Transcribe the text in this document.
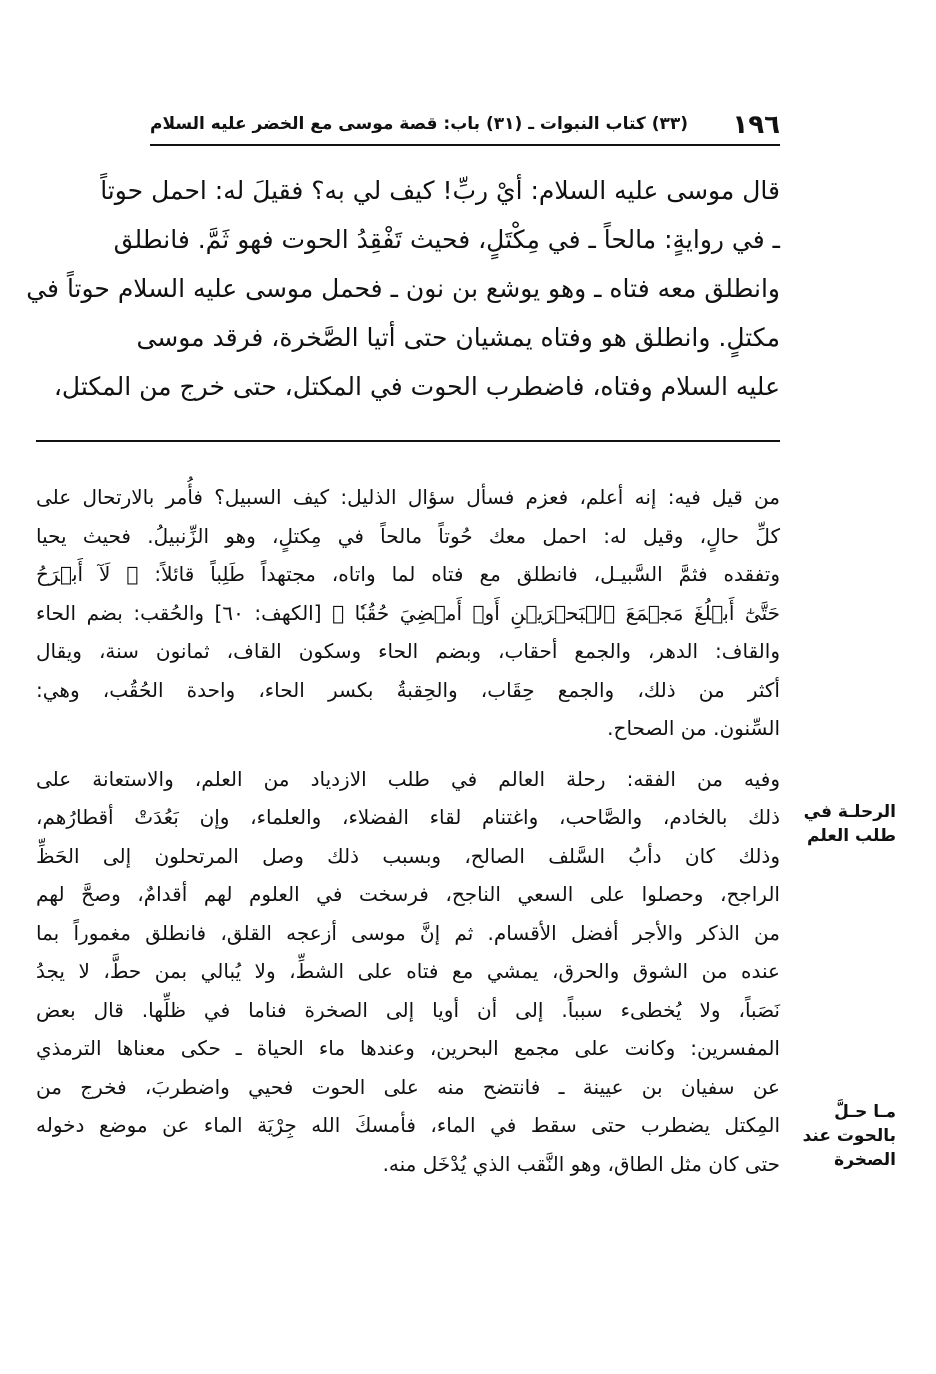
١٩٦
(٣٣) كتاب النبوات ـ (٣١) باب: قصة موسى مع الخضر عليه السلام
قال موسى عليه السلام: أيْ ربِّ! كيف لي به؟ فقيلَ له: احمل حوتاً
ـ في روايةٍ: مالحاً ـ في مِكْتَلٍ، فحيث تَفْقِدُ الحوت فهو ثَمَّ. فانطلق
وانطلق معه فتاه ـ وهو يوشع بن نون ـ فحمل موسى عليه السلام حوتاً في
مكتلٍ. وانطلق هو وفتاه يمشيان حتى أتيا الصَّخرة، فرقد موسى
عليه السلام وفتاه، فاضطرب الحوت في المكتل، حتى خرج من المكتل،
من قيل فيه: إنه أعلم، فعزم فسأل سؤال الذليل: كيف السبيل؟ فأُمر بالارتحال على
كلِّ حالٍ، وقيل له: احمل معك حُوتاً مالحاً في مِكتلٍ، وهو الزِّنبيلُ. فحيث يحيا
وتفقده فثمَّ السَّبيـل، فانطلق مع فتاه لما واتاه، مجتهداً طَلِباً قائلاً: ﴿ لَآ أَبۡرَحُ
حَتَّىٰٓ أَبۡلُغَ مَجۡمَعَ ٱلۡبَحۡرَيۡنِ أَوۡ أَمۡضِيَ حُقُبٗا ﴾ [الكهف: ٦٠] والحُقب: بضم الحاء
والقاف: الدهر، والجمع أحقاب، وبضم الحاء وسكون القاف، ثمانون سنة، ويقال
أكثر من ذلك، والجمع حِقَاب، والحِقبةُ بكسر الحاء، واحدة الحُقُب، وهي:
السِّنون. من الصحاح.
وفيه من الفقه: رحلة العالم في طلب الازدياد من العلم، والاستعانة على
ذلك بالخادم، والصَّاحب، واغتنام لقاء الفضلاء، والعلماء، وإن بَعُدَتْ أقطارُهم،
وذلك كان دأبُ السَّلف الصالح، وبسبب ذلك وصل المرتحلون إلى الحَظِّ
الراجح، وحصلوا على السعي الناجح، فرسخت في العلوم لهم أقدامٌ، وصحَّ لهم
من الذكر والأجر أفضل الأقسام. ثم إنَّ موسى أزعجه القلق، فانطلق مغموراً بما
عنده من الشوق والحرق، يمشي مع فتاه على الشطِّ، ولا يُبالي بمن حطَّ، لا يجدُ
نَصَباً، ولا يُخطىء سبباً. إلى أن أويا إلى الصخرة فناما في ظلِّها. قال بعض
المفسرين: وكانت على مجمع البحرين، وعندها ماء الحياة ـ حكى معناها الترمذي
عن سفيان بن عيينة ـ فانتضح منه على الحوت فحيي واضطربَ، فخرج من
المِكتل يضطرب حتى سقط في الماء، فأمسكَ الله جِرْيَة الماء عن موضع دخوله
حتى كان مثل الطاق، وهو النَّقب الذي يُدْخَل منه.
الرحلـة في
طلب العلم
مـا حـلَّ
بالحوت عند
الصخرة
